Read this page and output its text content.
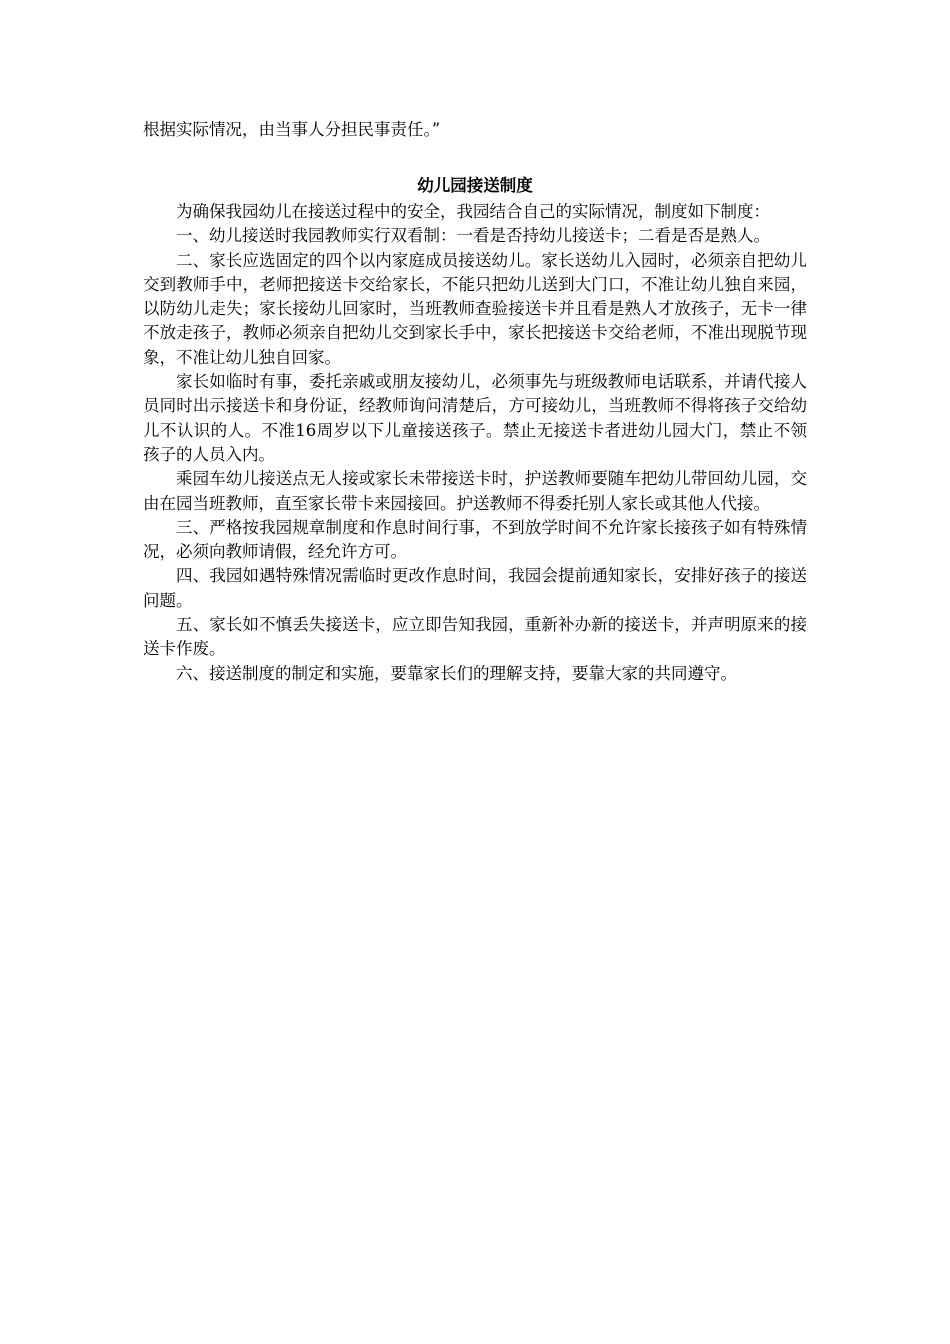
根据实际情况，由当事人分担民事责任。”

幼儿园接送制度

为确保我园幼儿在接送过程中的安全，我园结合自己的实际情况，制度如下制度：

一、幼儿接送时我园教师实行双看制：一看是否持幼儿接送卡；二看是否是熟人。

二、家长应选固定的四个以内家庭成员接送幼儿。家长送幼儿入园时，必须亲自把幼儿交到教师手中，老师把接送卡交给家长，不能只把幼儿送到大门口，不准让幼儿独自来园，以防幼儿走失；家长接幼儿回家时，当班教师查验接送卡并且看是熟人才放孩子，无卡一律不放走孩子，教师必须亲自把幼儿交到家长手中，家长把接送卡交给老师，不准出现脱节现象，不准让幼儿独自回家。

家长如临时有事，委托亲戚或朋友接幼儿，必须事先与班级教师电话联系，并请代接人员同时出示接送卡和身份证，经教师询问清楚后，方可接幼儿，当班教师不得将孩子交给幼儿不认识的人。不准16周岁以下儿童接送孩子。禁止无接送卡者进幼儿园大门，禁止不领孩子的人员入内。

乘园车幼儿接送点无人接或家长未带接送卡时，护送教师要随车把幼儿带回幼儿园，交由在园当班教师，直至家长带卡来园接回。护送教师不得委托别人家长或其他人代接。

三、严格按我园规章制度和作息时间行事，不到放学时间不允许家长接孩子如有特殊情况，必须向教师请假，经允许方可。

四、我园如遇特殊情况需临时更改作息时间，我园会提前通知家长，安排好孩子的接送问题。

五、家长如不慎丢失接送卡，应立即告知我园，重新补办新的接送卡，并声明原来的接送卡作废。

六、接送制度的制定和实施，要靠家长们的理解支持，要靠大家的共同遵守。
